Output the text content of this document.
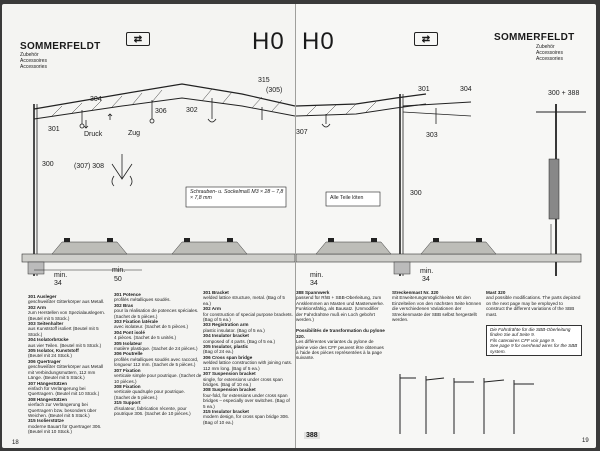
SOMMERFELDT
Zubehör
Accessoires
Accessories
⇄	H0
304
301
306	302
315
(305)
300	(307) 308
Druck	Zug
Schrauben- u. Sockelmaß M3 × 28 – 7,8 × 7,8 mm
min.
34
min.
50
301 Ausleger
geschweißter Gitterkörper aus Metall.
302 Arm
zum Herstellen von Spezialauslegern. (Beutel mit 5 Stück.)
303 Seitenhalter
aus Kunststoff isoliert (Beutel mit 5 Stück.)
304 Isolatorbrücke
aus vier Teilen. (Beutel mit 5 Stück.)
305 Isolator, Kunststoff
(Beutel mit 24 Stück.)
306 Quertrager
geschweißter Gitterkörper aus Metall mit Verbindungsmuttern, 112 mm Länge. (Beutel mit 5 Stück.)
307 Hängestützen
einfach für Verlängerung bei Quertragern. (Beutel mit 10 Stück.)
308 Hängestützen
vierfach zur Verlängerung bei Quertragern bzw. besonders über Weichen. (Beutel mit 5 Stück.)
315 Isolierstütze
moderne Bauart für Quertrager 306. (Beutel mit 10 Stück.)
301 Potence
profilés métalliques soudés.
302 Bras
pour la réalisation de potences spéciales. (Sachet de 5 pièces.)
303 Fixation latérale
avec isolateur. (Sachet de 5 pièces.)
304 Pont isolé
4 pièces. (Sachet de 5 unités.)
305 Isolateur
matière plastique. (Sachet de 24 pièces.)
306 Poutrelle
profilés métalliques soudés avec raccord, longueur 112 mm. (Sachet de 5 pièces.)
307 Fixation
verticale simple pour poutrique. (Sachet de 10 pièces.)
308 Fixation
verticale quadruple pour poutrique. (Sachet de 5 pièces.)
315 Support
d'isolateur, fabrication récente, pour poutrique 306. (Sachet de 10 pièces.)
301 Bracket
welded lattice structure, metal. (Bag of 5 ea.)
302 Arm
for construction of special purpose brackets. (Bag of 5 ea.)
303 Registration arm
plastic insulator. (Bag of 5 ea.)
304 Insulator bracket
composed of 4 parts. (Bag of 5 ea.)
305 Insulator, plastic
(Bag of 24 ea.)
306 Cross span bridge
welded lattice construction with joining nuts. 112 mm long. (Bag of 5 ea.)
307 Suspension bracket
single, for extensions under cross span bridges. (Bag of 10 ea.)
308 Suspension bracket
four-fold, for extensions under cross span bridges – especially over switches. (Bag of 5 ea.)
315 Insulator bracket
modern design, for cross span bridge 306. (Bag of 10 ea.)
18
H0	⇄	SOMMERFELDT
Zubehör
Accessoires
Accessories
301	304
307	303
300
300 + 388
Alle Teile löten
min.
34
min.
34
388 Spannwerk
passend für RhB + SBB-Oberleitung, zum Ansklemmen an Masten und Mastenwerke. Funktionsfähig, als Bausatz. (Unmodifier der Fahrdrahtne muß ein Loch gebohrt werden.)
Possibilités de transformation du pylone 320.
Les différentes variantes du pylone de pleine voie des CFF peuvent être obtenues à l'aide des pièces représentées à la page suivante.
Streckenmast Nr. 320
mit Erweiterungsmöglichkeiten Mit den Einzelteilen von den nächsten Seite können die verschiedenen Variationen der Streckenmaste der SBB selbst hergestellt werden.
Mast 320
and possible modifications. The parts depicted on the next page may be employed to construct the different variations of the SBB mast.
Die Fahrdrähte für die SBB-Oberleitung finden Sie auf Seite 9.
Fils catenaires CFF voir page 9.
See page 9 for overhead wires for the SBB system.
388
19
